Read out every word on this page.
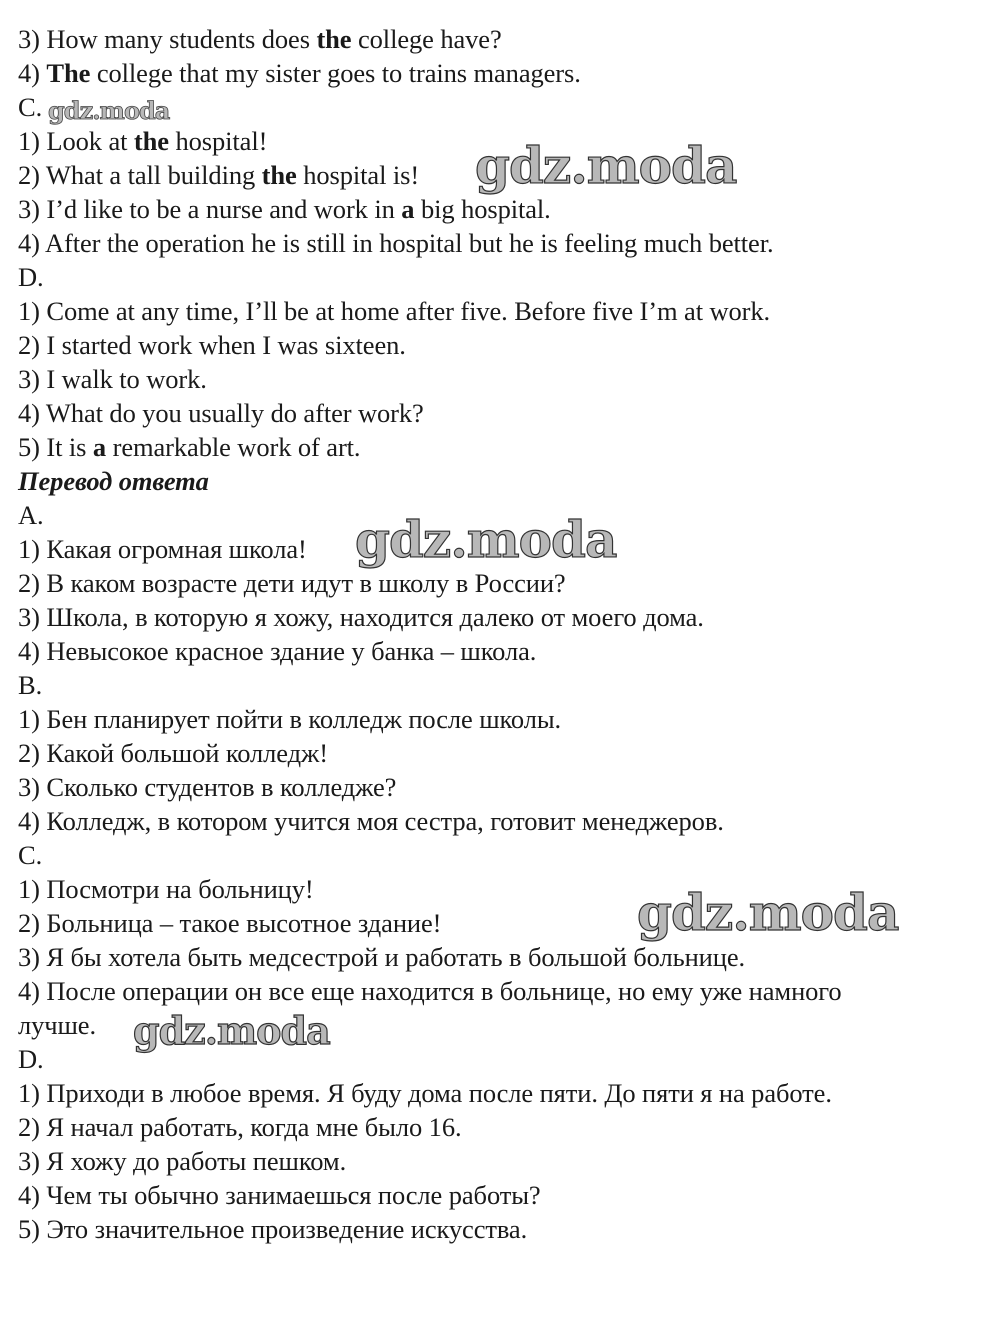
3) How many students does the college have?
4) The college that my sister goes to trains managers.
C.
1) Look at the hospital!
2) What a tall building the hospital is!
3) I’d like to be a nurse and work in a big hospital.
4) After the operation he is still in hospital but he is feeling much better.
D.
1) Come at any time, I’ll be at home after five. Before five I’m at work.
2) I started work when I was sixteen.
3) I walk to work.
4) What do you usually do after work?
5) It is a remarkable work of art.
Перевод ответа
A.
1) Какая огромная школа!
2) В каком возрасте дети идут в школу в России?
3) Школа, в которую я хожу, находится далеко от моего дома.
4) Невысокое красное здание у банка – школа.
B.
1) Бен планирует пойти в колледж после школы.
2) Какой большой колледж!
3) Сколько студентов в колледже?
4) Колледж, в котором учится моя сестра, готовит менеджеров.
C.
1) Посмотри на больницу!
2) Больница – такое высотное здание!
3) Я бы хотела быть медсестрой и работать в большой больнице.
4) После операции он все еще находится в больнице, но ему уже намного
лучше.
D.
1) Приходи в любое время. Я буду дома после пяти. До пяти я на работе.
2) Я начал работать, когда мне было 16.
3) Я хожу до работы пешком.
4) Чем ты обычно занимаешься после работы?
5) Это значительное произведение искусства.
gdz.moda
gdz.moda
gdz.moda
gdz.moda
gdz.moda
